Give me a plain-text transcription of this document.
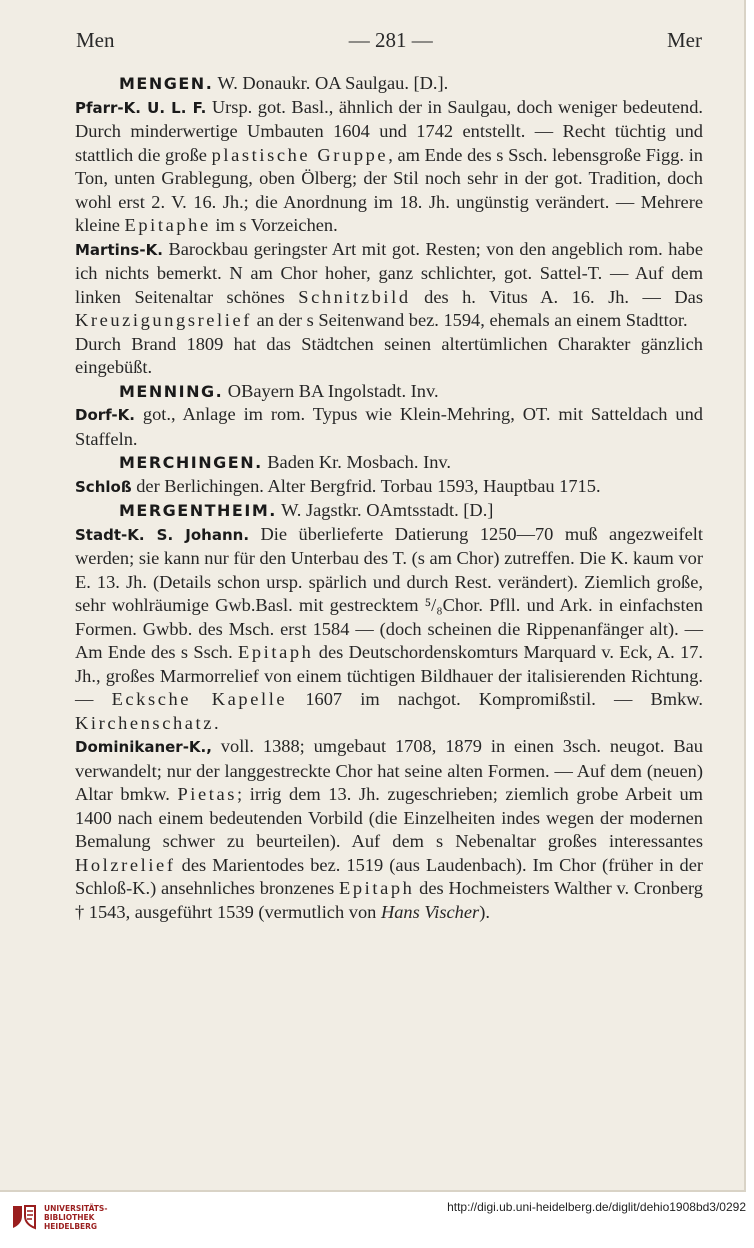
Men	— 281 —	Mer

MENGEN. W. Donaukr. OA Saulgau. [D.].

Pfarr-K. U. L. F. Ursp. got. Basl., ähnlich der in Saulgau, doch weniger bedeutend. Durch minderwertige Umbauten 1604 und 1742 entstellt. — Recht tüchtig und stattlich die große plastische Gruppe, am Ende des s Ssch. lebensgroße Figg. in Ton, unten Grablegung, oben Ölberg; der Stil noch sehr in der got. Tradition, doch wohl erst 2. V. 16. Jh.; die Anordnung im 18. Jh. ungünstig verändert. — Mehrere kleine Epitaphe im s Vorzeichen.

Martins-K. Barockbau geringster Art mit got. Resten; von den angeblich rom. habe ich nichts bemerkt. N am Chor hoher, ganz schlichter, got. Sattel-T. — Auf dem linken Seitenaltar schönes Schnitzbild des h. Vitus A. 16. Jh. — Das Kreuzigungsrelief an der s Seitenwand bez. 1594, ehemals an einem Stadttor.

Durch Brand 1809 hat das Städtchen seinen altertümlichen Charakter gänzlich eingebüßt.

MENNING. OBayern BA Ingolstadt. Inv.

Dorf-K. got., Anlage im rom. Typus wie Klein-Mehring, OT. mit Satteldach und Staffeln.

MERCHINGEN. Baden Kr. Mosbach. Inv.

Schloß der Berlichingen. Alter Bergfrid. Torbau 1593, Hauptbau 1715.

MERGENTHEIM. W. Jagstkr. OAmtsstadt. [D.]

Stadt-K. S. Johann. Die überlieferte Datierung 1250—70 muß angezweifelt werden; sie kann nur für den Unterbau des T. (s am Chor) zutreffen. Die K. kaum vor E. 13. Jh. (Details schon ursp. spärlich und durch Rest. verändert). Ziemlich große, sehr wohlräumige Gwb.Basl. mit gestrecktem ⁵/₈Chor. Pfll. und Ark. in einfachsten Formen. Gwbb. des Msch. erst 1584 — (doch scheinen die Rippenanfänger alt). — Am Ende des s Ssch. Epitaph des Deutschordenskomturs Marquard v. Eck, A. 17. Jh., großes Marmorrelief von einem tüchtigen Bildhauer der italisierenden Richtung. — Ecksche Kapelle 1607 im nachgot. Kompromißstil. — Bmkw. Kirchenschatz.

Dominikaner-K., voll. 1388; umgebaut 1708, 1879 in einen 3sch. neugot. Bau verwandelt; nur der langgestreckte Chor hat seine alten Formen. — Auf dem (neuen) Altar bmkw. Pietas; irrig dem 13. Jh. zugeschrieben; ziemlich grobe Arbeit um 1400 nach einem bedeutenden Vorbild (die Einzelheiten indes wegen der modernen Bemalung schwer zu beurteilen). Auf dem s Nebenaltar großes interessantes Holzrelief des Marientodes bez. 1519 (aus Laudenbach). Im Chor (früher in der Schloß-K.) ansehnliches bronzenes Epitaph des Hochmeisters Walther v. Cronberg † 1543, ausgeführt 1539 (vermutlich von Hans Vischer).

UNIVERSITÄTS-
BIBLIOTHEK
HEIDELBERG
http://digi.ub.uni-heidelberg.de/diglit/dehio1908bd3/0292
